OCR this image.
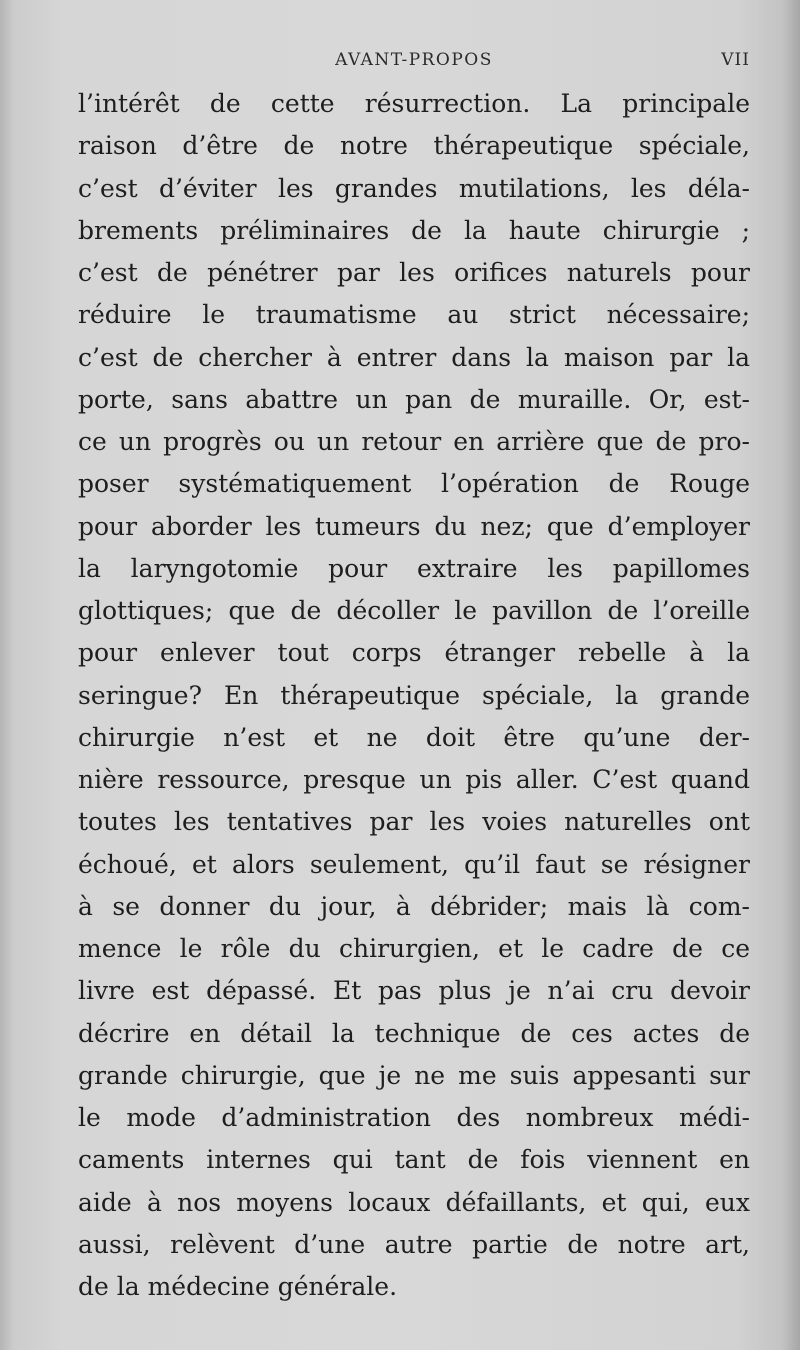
AVANT-PROPOS	VII
l’intérêt de cette résurrection. La principale
raison d’être de notre thérapeutique spéciale,
c’est d’éviter les grandes mutilations, les déla-
brements préliminaires de la haute chirurgie ;
c’est de pénétrer par les orifices naturels pour
réduire le traumatisme au strict nécessaire;
c’est de chercher à entrer dans la maison par la
porte, sans abattre un pan de muraille. Or, est-
ce un progrès ou un retour en arrière que de pro-
poser systématiquement l’opération de Rouge
pour aborder les tumeurs du nez; que d’employer
la laryngotomie pour extraire les papillomes
glottiques; que de décoller le pavillon de l’oreille
pour enlever tout corps étranger rebelle à la
seringue? En thérapeutique spéciale, la grande
chirurgie n’est et ne doit être qu’une der-
nière ressource, presque un pis aller. C’est quand
toutes les tentatives par les voies naturelles ont
échoué, et alors seulement, qu’il faut se résigner
à se donner du jour, à débrider; mais là com-
mence le rôle du chirurgien, et le cadre de ce
livre est dépassé. Et pas plus je n’ai cru devoir
décrire en détail la technique de ces actes de
grande chirurgie, que je ne me suis appesanti sur
le mode d’administration des nombreux médi-
caments internes qui tant de fois viennent en
aide à nos moyens locaux défaillants, et qui, eux
aussi, relèvent d’une autre partie de notre art,
de la médecine générale.
